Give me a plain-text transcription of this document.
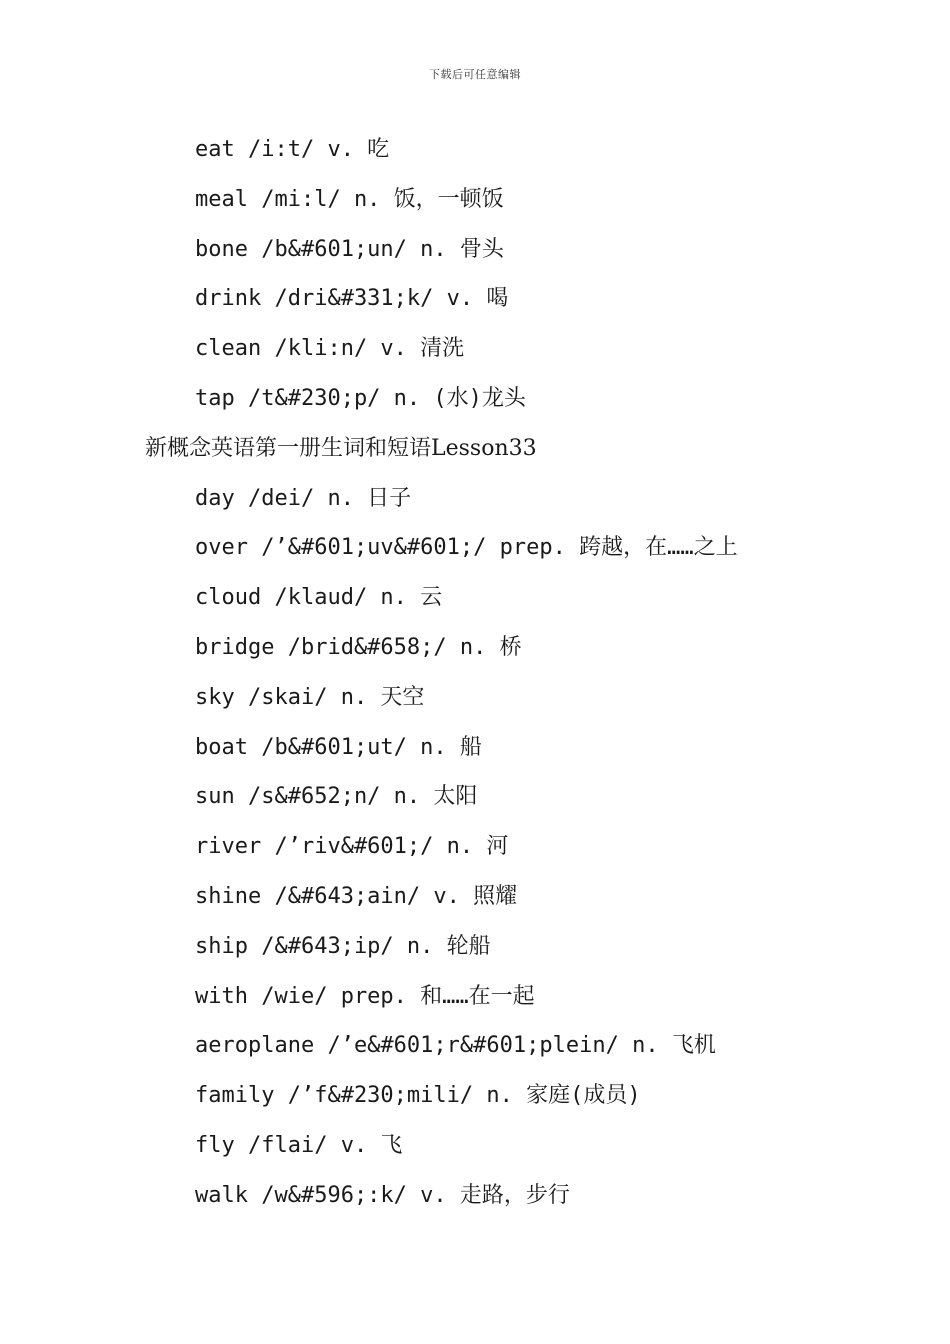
下载后可任意编辑
eat /i:t/ v. 吃
meal /mi:l/ n. 饭，一顿饭
bone /b&#601;un/ n. 骨头
drink /dri&#331;k/ v. 喝
clean /kli:n/ v. 清洗
tap /t&#230;p/ n. (水)龙头
新概念英语第一册生词和短语Lesson33
day /dei/ n. 日子
over /’&#601;uv&#601;/ prep. 跨越，在……之上
cloud /klaud/ n. 云
bridge /brid&#658;/ n. 桥
sky /skai/ n. 天空
boat /b&#601;ut/ n. 船
sun /s&#652;n/ n. 太阳
river /’riv&#601;/ n. 河
shine /&#643;ain/ v. 照耀
ship /&#643;ip/ n. 轮船
with /wie/ prep. 和……在一起
aeroplane /’e&#601;r&#601;plein/ n. 飞机
family /’f&#230;mili/ n. 家庭(成员)
fly /flai/ v. 飞
walk /w&#596;:k/ v. 走路，步行
